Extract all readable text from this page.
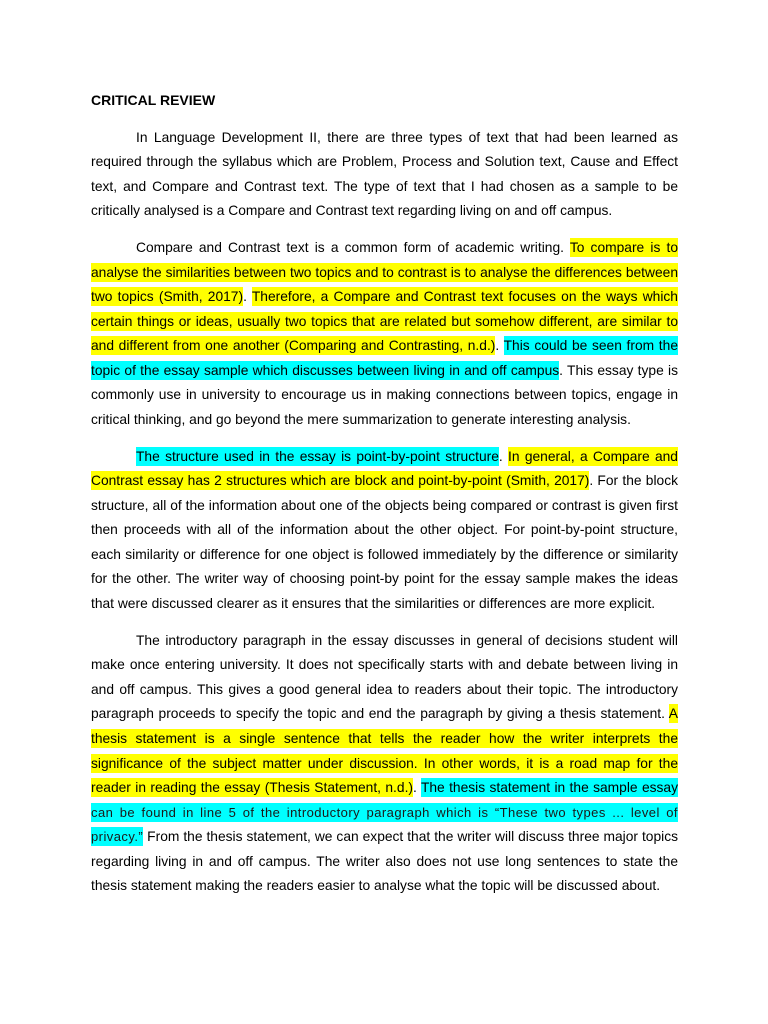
CRITICAL REVIEW

In Language Development II, there are three types of text that had been learned as required through the syllabus which are Problem, Process and Solution text, Cause and Effect text, and Compare and Contrast text. The type of text that I had chosen as a sample to be critically analysed is a Compare and Contrast text regarding living on and off campus.

Compare and Contrast text is a common form of academic writing. To compare is to analyse the similarities between two topics and to contrast is to analyse the differences between two topics (Smith, 2017). Therefore, a Compare and Contrast text focuses on the ways which certain things or ideas, usually two topics that are related but somehow different, are similar to and different from one another (Comparing and Contrasting, n.d.). This could be seen from the topic of the essay sample which discusses between living in and off campus. This essay type is commonly use in university to encourage us in making connections between topics, engage in critical thinking, and go beyond the mere summarization to generate interesting analysis.

The structure used in the essay is point-by-point structure. In general, a Compare and Contrast essay has 2 structures which are block and point-by-point (Smith, 2017). For the block structure, all of the information about one of the objects being compared or contrast is given first then proceeds with all of the information about the other object. For point-by-point structure, each similarity or difference for one object is followed immediately by the difference or similarity for the other. The writer way of choosing point-by point for the essay sample makes the ideas that were discussed clearer as it ensures that the similarities or differences are more explicit.

The introductory paragraph in the essay discusses in general of decisions student will make once entering university. It does not specifically starts with and debate between living in and off campus. This gives a good general idea to readers about their topic. The introductory paragraph proceeds to specify the topic and end the paragraph by giving a thesis statement. A thesis statement is a single sentence that tells the reader how the writer interprets the significance of the subject matter under discussion. In other words, it is a road map for the reader in reading the essay (Thesis Statement, n.d.). The thesis statement in the sample essay can be found in line 5 of the introductory paragraph which is “These two types ... level of privacy.” From the thesis statement, we can expect that the writer will discuss three major topics regarding living in and off campus. The writer also does not use long sentences to state the thesis statement making the readers easier to analyse what the topic will be discussed about.
